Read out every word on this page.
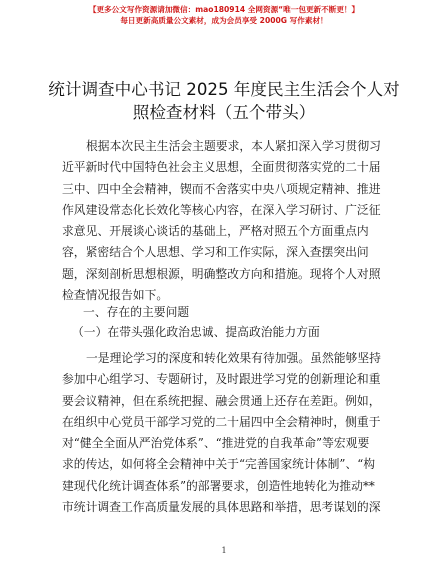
【更多公文写作资源请加微信：mao180914 全网资源“唯一包更新不断更！】
每日更新高质量公文素材，成为会员享受 2000G 写作素材！
统计调查中心书记 2025 年度民主生活会个人对
照检查材料（五个带头）
根据本次民主生活会主题要求，本人紧扣深入学习贯彻习
近平新时代中国特色社会主义思想，全面贯彻落实党的二十届
三中、四中全会精神，锲而不舍落实中央八项规定精神、推进
作风建设常态化长效化等核心内容，在深入学习研讨、广泛征
求意见、开展谈心谈话的基础上，严格对照五个方面重点内
容，紧密结合个人思想、学习和工作实际，深入查摆突出问
题，深刻剖析思想根源，明确整改方向和措施。现将个人对照
检查情况报告如下。
一、存在的主要问题
（一）在带头强化政治忠诚、提高政治能力方面
一是理论学习的深度和转化效果有待加强。虽然能够坚持
参加中心组学习、专题研讨，及时跟进学习党的创新理论和重
要会议精神，但在系统把握、融会贯通上还存在差距。例如，
在组织中心党员干部学习党的二十届四中全会精神时，侧重于
对“健全全面从严治党体系”、“推进党的自我革命”等宏观要
求的传达，如何将全会精神中关于“完善国家统计体制”、“构
建现代化统计调查体系”的部署要求，创造性地转化为推动**
市统计调查工作高质量发展的具体思路和举措，思考谋划的深
1
